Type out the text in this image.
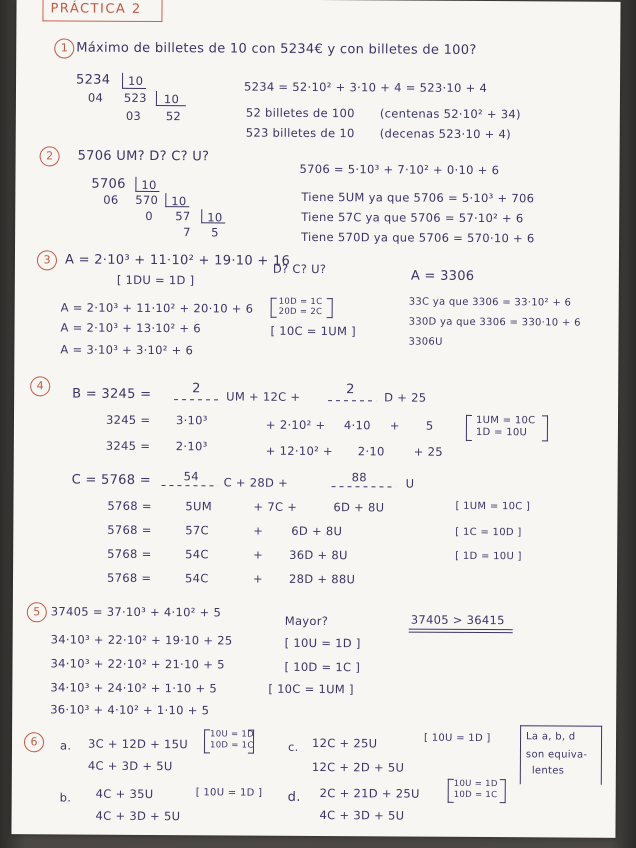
PRÁCTICA 2
1 Máximo de billetes de 10 con 5234€ y con billetes de 100?
5234 10
04 523 10
03 52
5234 = 52·10² + 3·10 + 4 = 523·10 + 4
52 billetes de 100 (centenas 52·10² + 34)
523 billetes de 10 (decenas 523·10 + 4)
2	5706 UM? D? C? U?
5706 = 5·10³ + 7·10² + 0·10 + 6
5706 10
06 570 10
0 57 10
7 5
Tiene 5UM ya que 5706 = 5·10³ + 706
Tiene 57C ya que 5706 = 57·10² + 6
Tiene 570D ya que 5706 = 570·10 + 6
3	A = 2·10³ + 11·10² + 19·10 + 16
D? C? U?
[ 1DU = 1D ]	A = 3306
A = 2·10³ + 11·10² + 20·10 + 6	10D = 1C
20D = 2C
A = 2·10³ + 13·10² + 6	[ 10C = 1UM ]
A = 3·10³ + 3·10² + 6
33C ya que 3306 = 33·10² + 6
330D ya que 3306 = 330·10 + 6
3306U
4
B = 3245 =	2
UM + 12C +	2
D + 25
3245 = 3·10³	+ 2·10² + 4·10 + 5	1UM = 10C
1D = 10U
3245 = 2·10³	+ 12·10² + 2·10	+ 25
C = 5768 =	54 C + 28D +	88	U
5768 =	5UM	+ 7C +	6D + 8U
5768 =	57C	+ 6D + 8U
5768 =	54C	+ 36D + 8U
5768 =	54C	+ 28D + 88U
[ 1UM = 10C ]
[ 1C = 10D ]
[ 1D = 10U ]
5 37405 = 37·10³ + 4·10² + 5
Mayor?	37405 > 36415
34·10³ + 22·10² + 19·10 + 25	[ 10U = 1D ]
34·10³ + 22·10² + 21·10 + 5	[ 10D = 1C ]
34·10³ + 24·10² + 1·10 + 5	[ 10C = 1UM ]
36·10³ + 4·10² + 1·10 + 5
6	a. 3C + 12D + 15U
10U = 1D
10D = 1C
4C + 3D + 5U
c. 12C + 25U	[ 10U = 1D ]
12C + 2D + 5U
La a, b, d
son equiva-
lentes
b. 4C + 35U	[ 10U = 1D ]
4C + 3D + 5U
d. 2C + 21D + 25U
10U = 1D
10D = 1C
4C + 3D + 5U
